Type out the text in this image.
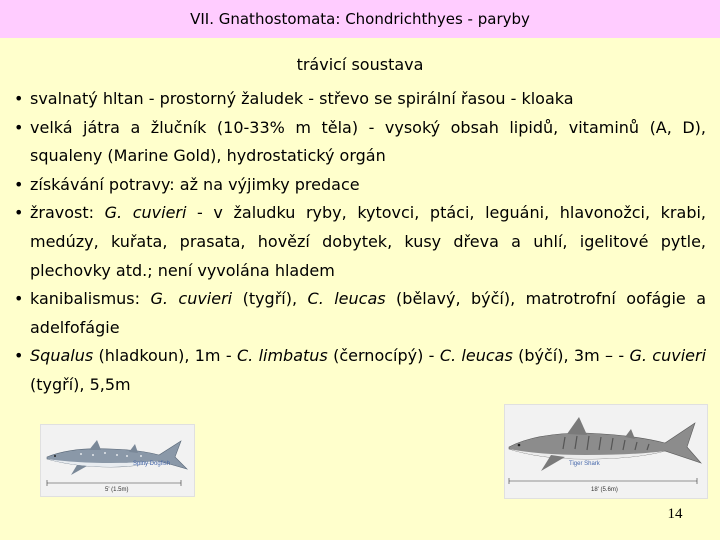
VII. Gnathostomata: Chondrichthyes - paryby
trávicí soustava
• svalnatý hltan - prostorný žaludek - střevo se spirální řasou - kloaka
• velká játra a žlučník (10-33% m těla) - vysoký obsah lipidů, vitaminů (A, D), squaleny (Marine Gold), hydrostatický orgán
• získávání potravy: až na výjimky predace
• žravost: G. cuvieri - v žaludku ryby, kytovci, ptáci, leguáni, hlavonožci, krabi, medúzy, kuřata, prasata, hovězí dobytek, kusy dřeva a uhlí, igelitové pytle, plechovky atd.; není vyvolána hladem
• kanibalismus: G. cuvieri (tygří), C. leucas (bělavý, býčí), matrotrofní oofágie a adelfofágie
• Squalus (hladkoun), 1m - C. limbatus (černocípý) - C. leucas (býčí), 3m – - G. cuvieri (tygří), 5,5m
Spiny Dogfish
5' (1.5m)
Tiger Shark
18' (5.6m)
14
